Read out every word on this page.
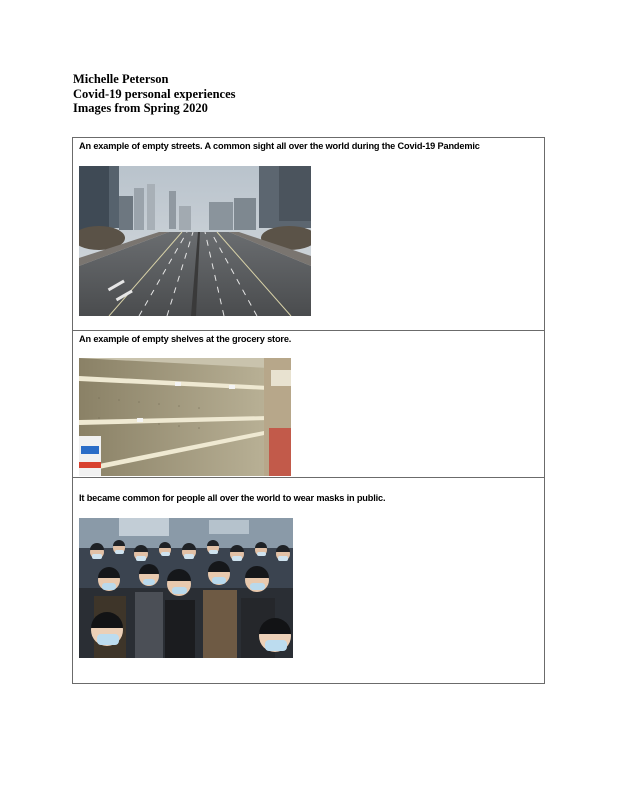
Michelle Peterson
Covid-19 personal experiences
Images from Spring 2020
An example of empty streets. A common sight all over the world during the Covid-19 Pandemic
An example of empty shelves at the grocery store.
It became common for people all over the world to wear masks in public.
